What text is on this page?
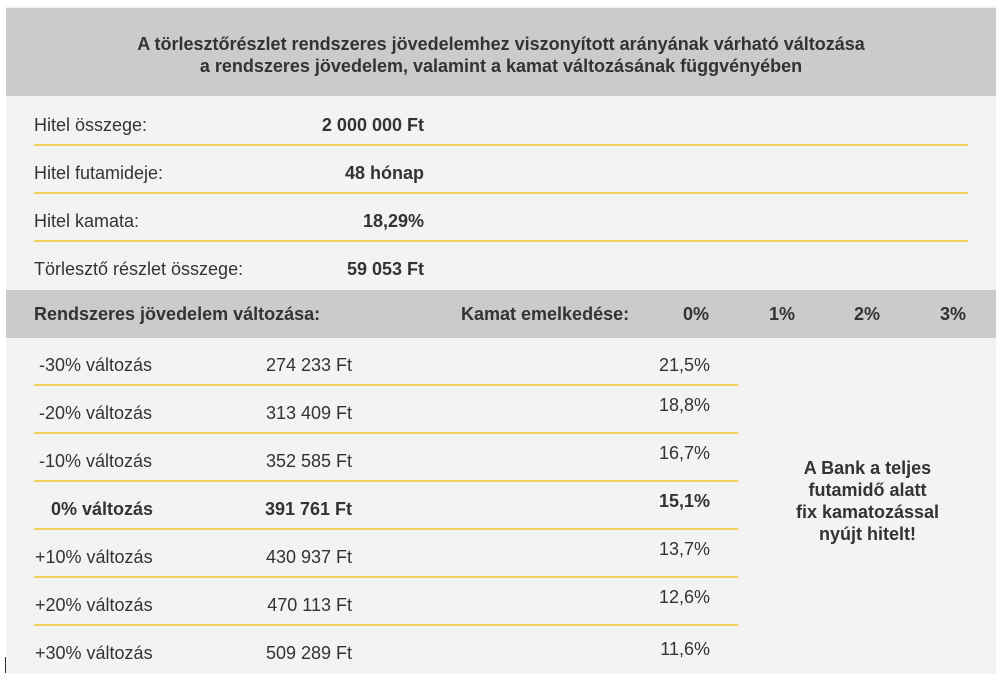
A törlesztőrészlet rendszeres jövedelemhez viszonyított arányának várható változása
a rendszeres jövedelem, valamint a kamat változásának függvényében
Hitel összege:	2 000 000 Ft
Hitel futamideje:	48 hónap
Hitel kamata:	18,29%
Törlesztő részlet összege:	59 053 Ft
Rendszeres jövedelem változása:	Kamat emelkedése:	0%	1%	2%	3%
-30% változás	274 233 Ft	21,5%
-20% változás	313 409 Ft	18,8%
-10% változás	352 585 Ft	16,7%
0% változás	391 761 Ft	15,1%
+10% változás	430 937 Ft	13,7%
+20% változás	470 113 Ft	12,6%
+30% változás	509 289 Ft	11,6%
A Bank a teljes
futamidő alatt
fix kamatozással
nyújt hitelt!
